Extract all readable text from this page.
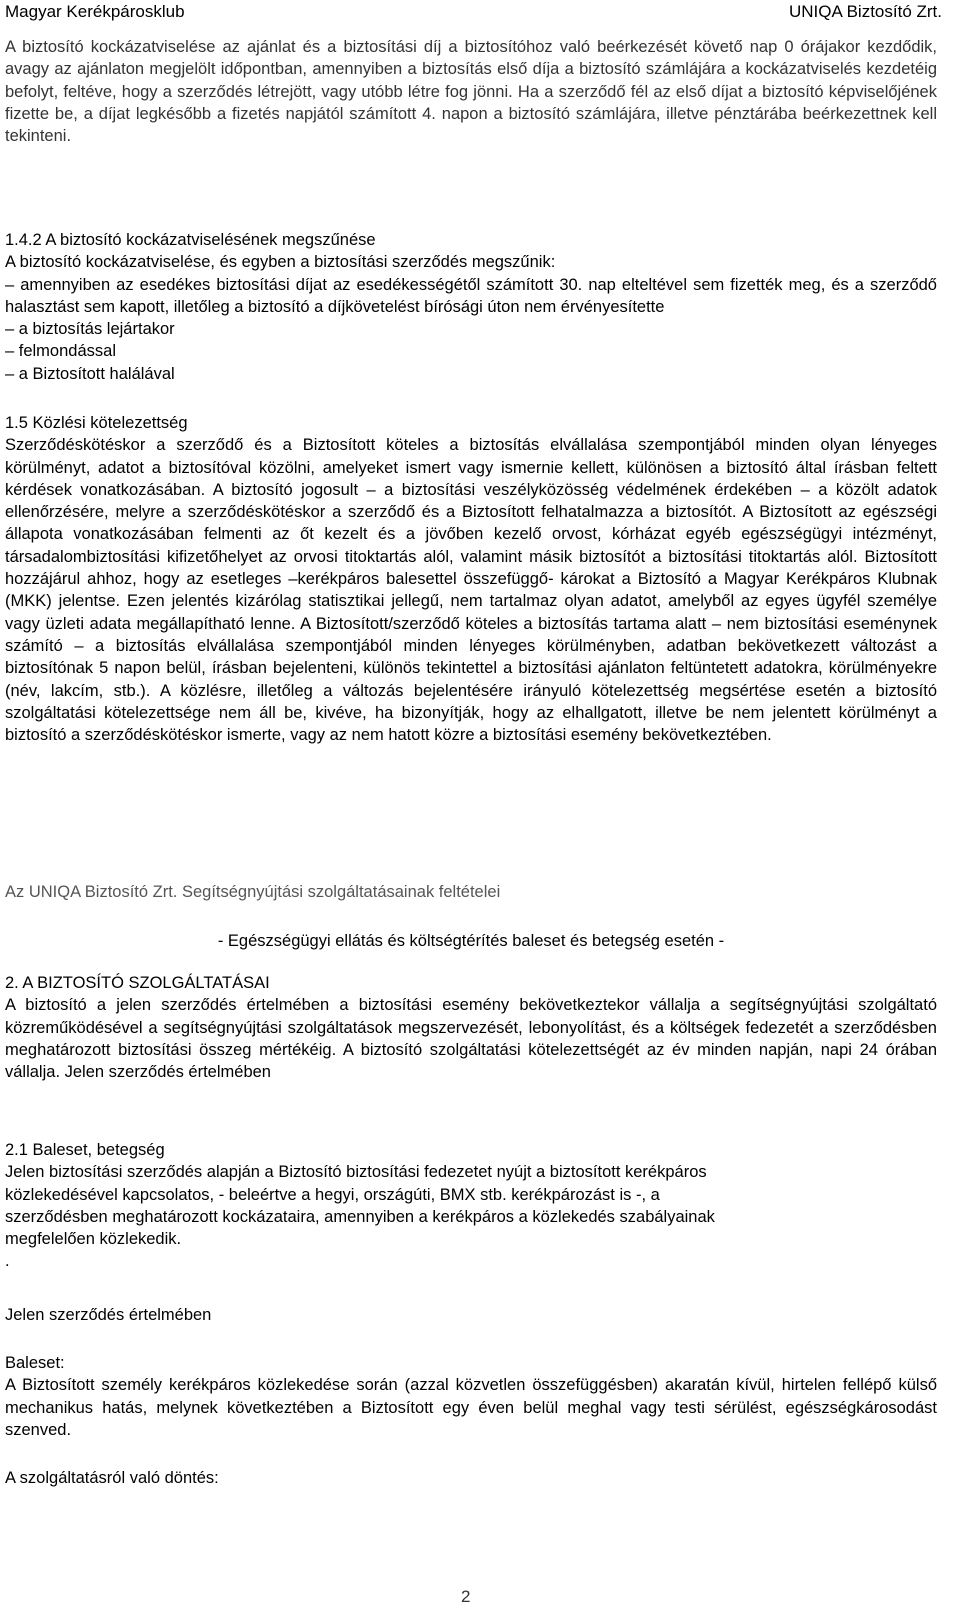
Magyar Kerékpárosklub	UNIQA Biztosító Zrt.

A biztosító kockázatviselése az ajánlat és a biztosítási díj a biztosítóhoz való beérkezését követő nap 0 órájakor kezdődik, avagy az ajánlaton megjelölt időpontban, amennyiben a biztosítás első díja a biztosító számlájára a kockázatviselés kezdetéig befolyt, feltéve, hogy a szerződés létrejött, vagy utóbb létre fog jönni. Ha a szerződő fél az első díjat a biztosító képviselőjének fizette be, a díjat legkésőbb a fizetés napjától számított 4. napon a biztosító számlájára, illetve pénztárába beérkezettnek kell tekinteni.

1.4.2 A biztosító kockázatviselésének megszűnése

A biztosító kockázatviselése, és egyben a biztosítási szerződés megszűnik:

– amennyiben az esedékes biztosítási díjat az esedékességétől számított 30. nap elteltével sem fizették meg, és a szerződő halasztást sem kapott, illetőleg a biztosító a díjkövetelést bírósági úton nem érvényesítette

– a biztosítás lejártakor

– felmondással

– a Biztosított halálával

1.5 Közlési kötelezettség

Szerződéskötéskor a szerződő és a Biztosított köteles a biztosítás elvállalása szempontjából minden olyan lényeges körülményt, adatot a biztosítóval közölni, amelyeket ismert vagy ismernie kellett, különösen a biztosító által írásban feltett kérdések vonatkozásában. A biztosító jogosult – a biztosítási veszélyközösség védelmének érdekében – a közölt adatok ellenőrzésére, melyre a szerződéskötéskor a szerződő és a Biztosított felhatalmazza a biztosítót. A Biztosított az egészségi állapota vonatkozásában felmenti az őt kezelt és a jövőben kezelő orvost, kórházat egyéb egészségügyi intézményt, társadalombiztosítási kifizetőhelyet az orvosi titoktartás alól, valamint másik biztosítót a biztosítási titoktartás alól. Biztosított hozzájárul ahhoz, hogy az esetleges –kerékpáros balesettel összefüggő- károkat a Biztosító a Magyar Kerékpáros Klubnak (MKK) jelentse. Ezen jelentés kizárólag statisztikai jellegű, nem tartalmaz olyan adatot, amelyből az egyes ügyfél személye vagy üzleti adata megállapítható lenne. A Biztosított/szerződő köteles a biztosítás tartama alatt – nem biztosítási eseménynek számító – a biztosítás elvállalása szempontjából minden lényeges körülményben, adatban bekövetkezett változást a biztosítónak 5 napon belül, írásban bejelenteni, különös tekintettel a biztosítási ajánlaton feltüntetett adatokra, körülményekre (név, lakcím, stb.). A közlésre, illetőleg a változás bejelentésére irányuló kötelezettség megsértése esetén a biztosító szolgáltatási kötelezettsége nem áll be, kivéve, ha bizonyítják, hogy az elhallgatott, illetve be nem jelentett körülményt a biztosító a szerződéskötéskor ismerte, vagy az nem hatott közre a biztosítási esemény bekövetkeztében.

Az UNIQA Biztosító Zrt. Segítségnyújtási szolgáltatásainak feltételei

- Egészségügyi ellátás és költségtérítés baleset és betegség esetén -

2. A BIZTOSÍTÓ SZOLGÁLTATÁSAI

A biztosító a jelen szerződés értelmében a biztosítási esemény bekövetkeztekor vállalja a segítségnyújtási szolgáltató közreműködésével a segítségnyújtási szolgáltatások megszervezését, lebonyolítást, és a költségek fedezetét a szerződésben meghatározott biztosítási összeg mértékéig. A biztosító szolgáltatási kötelezettségét az év minden napján, napi 24 órában vállalja. Jelen szerződés értelmében

2.1 Baleset, betegség

Jelen biztosítási szerződés alapján a Biztosító biztosítási fedezetet nyújt a biztosított kerékpáros

közlekedésével kapcsolatos, - beleértve a hegyi, országúti, BMX stb. kerékpározást is -, a

szerződésben meghatározott kockázataira, amennyiben a kerékpáros a közlekedés szabályainak

megfelelően közlekedik.

.

Jelen szerződés értelmében

Baleset:

A Biztosított személy kerékpáros közlekedése során (azzal közvetlen összefüggésben) akaratán kívül, hirtelen fellépő külső mechanikus hatás, melynek következtében a Biztosított egy éven belül meghal vagy testi sérülést, egészségkárosodást szenved.

A szolgáltatásról való döntés:

2
